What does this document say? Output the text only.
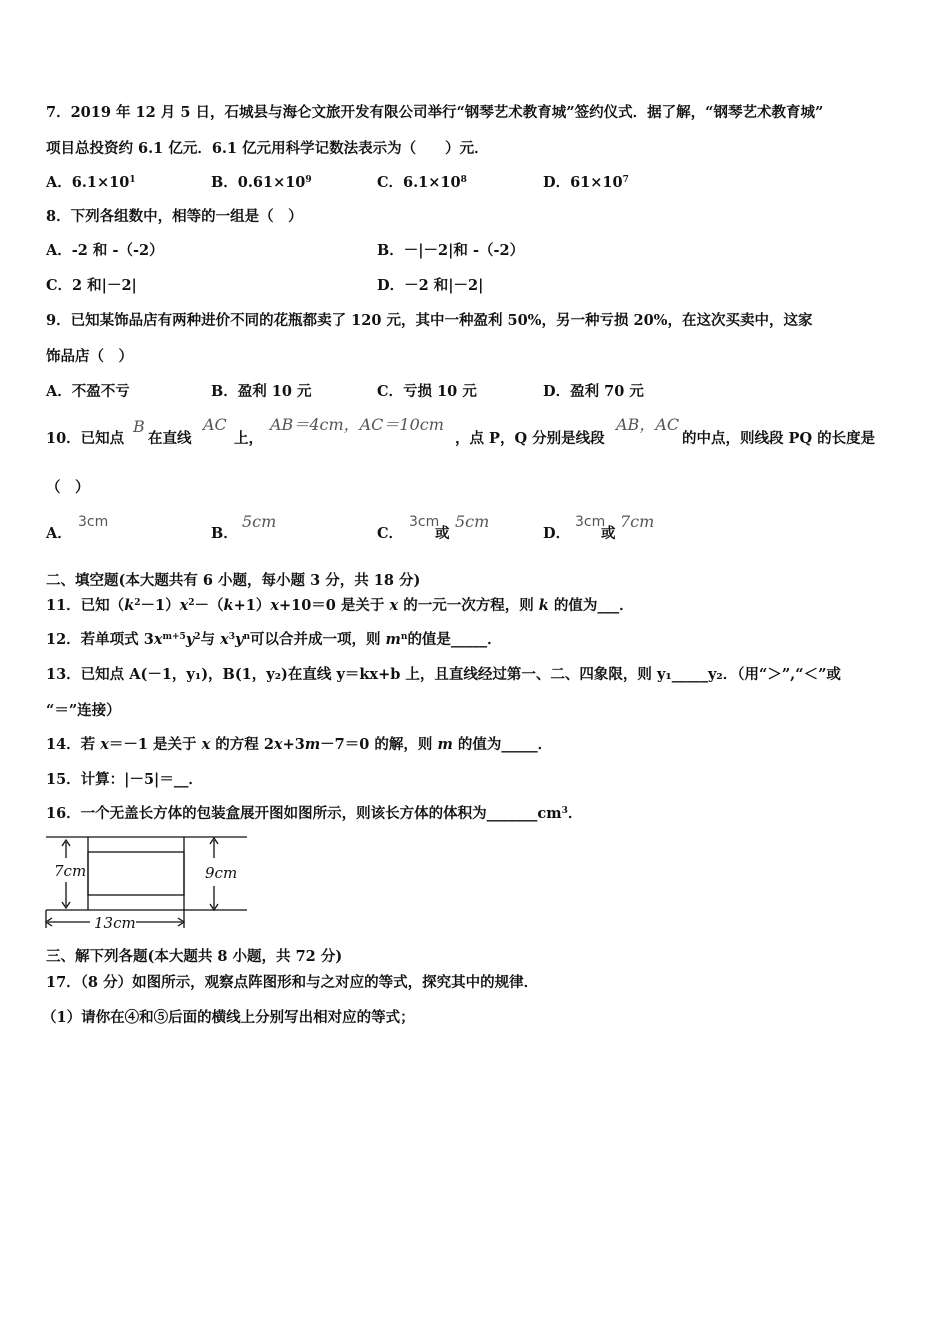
7．2019 年 12 月 5 日，石城县与海仑文旅开发有限公司举行“钢琴艺术教育城”签约仪式．据了解，“钢琴艺术教育城”
项目总投资约 6.1 亿元．6.1 亿元用科学记数法表示为（　　）元．
A．$6.1\times 10^1$	B．$0.61\times 10^9$	C．$6.1\times 10^8$	D．$61\times 10^7$
8．下列各组数中，相等的一组是（　）
A．-2 和 -（-2）	B．－|－2|和 -（-2）
C．2 和|－2|	D．－2 和|－2|
9．已知某饰品店有两种进价不同的花瓶都卖了 120 元，其中一种盈利 50%，另一种亏损 20%，在这次买卖中，这家
饰品店（　）
A．不盈不亏	B．盈利 10 元	C．亏损 10 元	D．盈利 70 元
10．已知点
B
在直线
AC
上，
AB＝4cm，AC＝10cm
，点 P，Q 分别是线段
AB，AC
的中点，则线段 PQ 的长度是
（　）
A．
3cm
B．
5cm
C．
3cm
或
5cm
D．
3cm
或
7cm
二、填空题(本大题共有 6 小题，每小题 3 分，共 18 分)
11．已知$(k^2-1)x^2-(k+1)x+10=0$ 是关于 x 的一元一次方程，则 k 的值为___．
12．若单项式 $3x^{m+5}y^2$与 $x^3y^n$可以合并成一项，则 $m^n$的值是_____．
13．已知点 A(－1，y₁)，B(1，y₂)在直线 y＝kx+b 上，且直线经过第一、二、四象限，则 y₁_____y₂．（用“＞”,“＜”或
“＝”连接）
14．若 x＝－1 是关于 x 的方程 2x+3m－7＝0 的解，则 m 的值为_____．
15．计算：|－5|＝__．
16．一个无盖长方体的包装盒展开图如图所示，则该长方体的体积为$\_\_\_\_\_\_\_cm^3$．
7cm	9cm
13cm
三、解下列各题(本大题共 8 小题，共 72 分)
17．（8 分）如图所示，观察点阵图形和与之对应的等式，探究其中的规律．
（1）请你在④和⑤后面的横线上分别写出相对应的等式；
